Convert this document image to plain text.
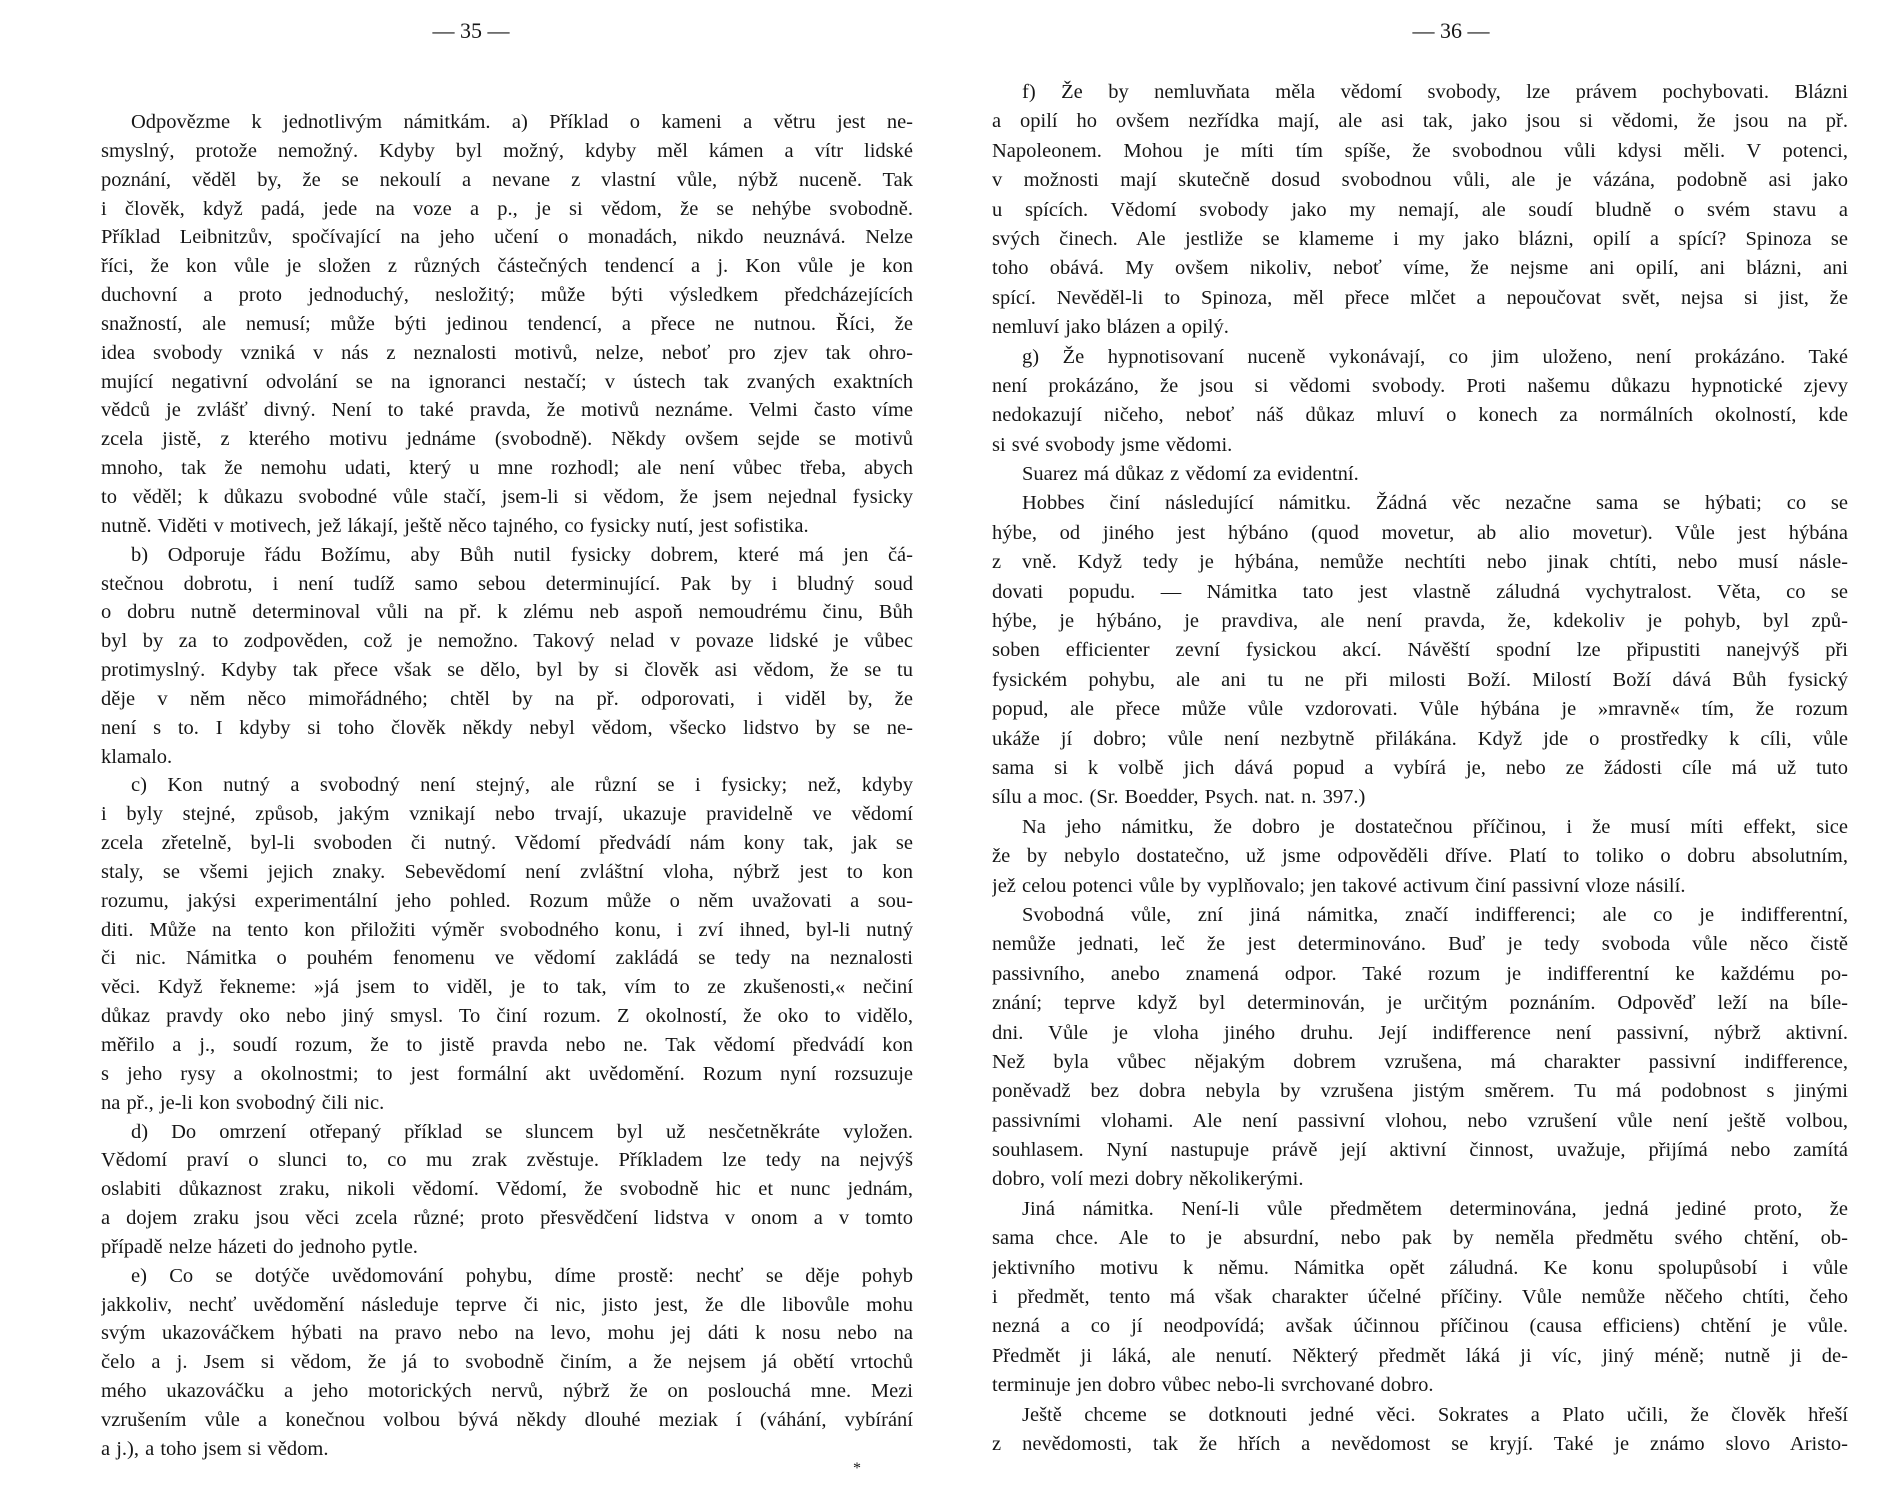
— 35 —	— 36 —
Odpovězme k jednotlivým námitkám. a) Příklad o kameni a větru jest ne-
smyslný, protože nemožný. Kdyby byl možný, kdyby měl kámen a vítr lidské
poznání, věděl by, že se nekoulí a nevane z vlastní vůle, nýbž nuceně. Tak
i člověk, když padá, jede na voze a p., je si vědom, že se nehýbe svobodně.
Příklad Leibnitzův, spočívající na jeho učení o monadách, nikdo neuznává. Nelze
říci, že kon vůle je složen z různých částečných tendencí a j. Kon vůle je kon
duchovní a proto jednoduchý, nesložitý; může býti výsledkem předcházejících
snažností, ale nemusí; může býti jedinou tendencí, a přece ne nutnou. Říci, že
idea svobody vzniká v nás z neznalosti motivů, nelze, neboť pro zjev tak ohro-
mující negativní odvolání se na ignoranci nestačí; v ústech tak zvaných exaktních
vědců je zvlášť divný. Není to také pravda, že motivů neznáme. Velmi často víme
zcela jistě, z kterého motivu jednáme (svobodně). Někdy ovšem sejde se motivů
mnoho, tak že nemohu udati, který u mne rozhodl; ale není vůbec třeba, abych
to věděl; k důkazu svobodné vůle stačí, jsem-li si vědom, že jsem nejednal fysicky
nutně. Viděti v motivech, jež lákají, ještě něco tajného, co fysicky nutí, jest sofistika.
b) Odporuje řádu Božímu, aby Bůh nutil fysicky dobrem, které má jen čá-
stečnou dobrotu, i není tudíž samo sebou determinující. Pak by i bludný soud
o dobru nutně determinoval vůli na př. k zlému neb aspoň nemoudrému činu, Bůh
byl by za to zodpověden, což je nemožno. Takový nelad v povaze lidské je vůbec
protimyslný. Kdyby tak přece však se dělo, byl by si člověk asi vědom, že se tu
děje v něm něco mimořádného; chtěl by na př. odporovati, i viděl by, že
není s to. I kdyby si toho člověk někdy nebyl vědom, všecko lidstvo by se ne-
klamalo.
c) Kon nutný a svobodný není stejný, ale různí se i fysicky; než, kdyby
i byly stejné, způsob, jakým vznikají nebo trvají, ukazuje pravidelně ve vědomí
zcela zřetelně, byl-li svoboden či nutný. Vědomí předvádí nám kony tak, jak se
staly, se všemi jejich znaky. Sebevědomí není zvláštní vloha, nýbrž jest to kon
rozumu, jakýsi experimentální jeho pohled. Rozum může o něm uvažovati a sou-
diti. Může na tento kon přiložiti výměr svobodného konu, i zví ihned, byl-li nutný
či nic. Námitka o pouhém fenomenu ve vědomí zakládá se tedy na neznalosti
věci. Když řekneme: »já jsem to viděl, je to tak, vím to ze zkušenosti,« nečiní
důkaz pravdy oko nebo jiný smysl. To činí rozum. Z okolností, že oko to vidělo,
měřilo a j., soudí rozum, že to jistě pravda nebo ne. Tak vědomí předvádí kon
s jeho rysy a okolnostmi; to jest formální akt uvědomění. Rozum nyní rozsuzuje
na př., je-li kon svobodný čili nic.
d) Do omrzení otřepaný příklad se sluncem byl už nesčetněkráte vyložen.
Vědomí praví o slunci to, co mu zrak zvěstuje. Příkladem lze tedy na nejvýš
oslabiti důkaznost zraku, nikoli vědomí. Vědomí, že svobodně hic et nunc jednám,
a dojem zraku jsou věci zcela různé; proto přesvědčení lidstva v onom a v tomto
případě nelze házeti do jednoho pytle.
e) Co se dotýče uvědomování pohybu, díme prostě: nechť se děje pohyb
jakkoliv, nechť uvědomění následuje teprve či nic, jisto jest, že dle libovůle mohu
svým ukazováčkem hýbati na pravo nebo na levo, mohu jej dáti k nosu nebo na
čelo a j. Jsem si vědom, že já to svobodně činím, a že nejsem já obětí vrtochů
mého ukazováčku a jeho motorických nervů, nýbrž že on poslouchá mne. Mezi
vzrušením vůle a konečnou volbou bývá někdy dlouhé meziak í (váhání, vybírání
a j.), a toho jsem si vědom.
f) Že by nemluvňata měla vědomí svobody, lze právem pochybovati. Blázni
a opilí ho ovšem nezřídka mají, ale asi tak, jako jsou si vědomi, že jsou na př.
Napoleonem. Mohou je míti tím spíše, že svobodnou vůli kdysi měli. V potenci,
v možnosti mají skutečně dosud svobodnou vůli, ale je vázána, podobně asi jako
u spících. Vědomí svobody jako my nemají, ale soudí bludně o svém stavu a
svých činech. Ale jestliže se klameme i my jako blázni, opilí a spící? Spinoza se
toho obává. My ovšem nikoliv, neboť víme, že nejsme ani opilí, ani blázni, ani
spící. Nevěděl-li to Spinoza, měl přece mlčet a nepoučovat svět, nejsa si jist, že
nemluví jako blázen a opilý.
g) Že hypnotisovaní nuceně vykonávají, co jim uloženo, není prokázáno. Také
není prokázáno, že jsou si vědomi svobody. Proti našemu důkazu hypnotické zjevy
nedokazují ničeho, neboť náš důkaz mluví o konech za normálních okolností, kde
si své svobody jsme vědomi.
Suarez má důkaz z vědomí za evidentní.
Hobbes činí následující námitku. Žádná věc nezačne sama se hýbati; co se
hýbe, od jiného jest hýbáno (quod movetur, ab alio movetur). Vůle jest hýbána
z vně. Když tedy je hýbána, nemůže nechtíti nebo jinak chtíti, nebo musí násle-
dovati popudu. — Námitka tato jest vlastně záludná vychytralost. Věta, co se
hýbe, je hýbáno, je pravdiva, ale není pravda, že, kdekoliv je pohyb, byl způ-
soben efficienter zevní fysickou akcí. Návěští spodní lze připustiti nanejvýš při
fysickém pohybu, ale ani tu ne při milosti Boží. Milostí Boží dává Bůh fysický
popud, ale přece může vůle vzdorovati. Vůle hýbána je »mravně« tím, že rozum
ukáže jí dobro; vůle není nezbytně přilákána. Když jde o prostředky k cíli, vůle
sama si k volbě jich dává popud a vybírá je, nebo ze žádosti cíle má už tuto
sílu a moc. (Sr. Boedder, Psych. nat. n. 397.)
Na jeho námitku, že dobro je dostatečnou příčinou, i že musí míti effekt, sice
že by nebylo dostatečno, už jsme odpověděli dříve. Platí to toliko o dobru absolutním,
jež celou potenci vůle by vyplňovalo; jen takové activum činí passivní vloze násilí.
Svobodná vůle, zní jiná námitka, značí indifferenci; ale co je indifferentní,
nemůže jednati, leč že jest determinováno. Buď je tedy svoboda vůle něco čistě
passivního, anebo znamená odpor. Také rozum je indifferentní ke každému po-
znání; teprve když byl determinován, je určitým poznáním. Odpověď leží na bíle-
dni. Vůle je vloha jiného druhu. Její indifference není passivní, nýbrž aktivní.
Než byla vůbec nějakým dobrem vzrušena, má charakter passivní indifference,
poněvadž bez dobra nebyla by vzrušena jistým směrem. Tu má podobnost s jinými
passivními vlohami. Ale není passivní vlohou, nebo vzrušení vůle není ještě volbou,
souhlasem. Nyní nastupuje právě její aktivní činnost, uvažuje, přijímá nebo zamítá
dobro, volí mezi dobry několikerými.
Jiná námitka. Není-li vůle předmětem determinována, jedná jediné proto, že
sama chce. Ale to je absurdní, nebo pak by neměla předmětu svého chtění, ob-
jektivního motivu k němu. Námitka opět záludná. Ke konu spolupůsobí i vůle
i předmět, tento má však charakter účelné příčiny. Vůle nemůže něčeho chtíti, čeho
nezná a co jí neodpovídá; avšak účinnou příčinou (causa efficiens) chtění je vůle.
Předmět ji láká, ale nenutí. Některý předmět láká ji víc, jiný méně; nutně ji de-
terminuje jen dobro vůbec nebo-li svrchované dobro.
Ještě chceme se dotknouti jedné věci. Sokrates a Plato učili, že člověk hřeší
z nevědomosti, tak že hřích a nevědomost se kryjí. Také je známo slovo Aristo-
*
